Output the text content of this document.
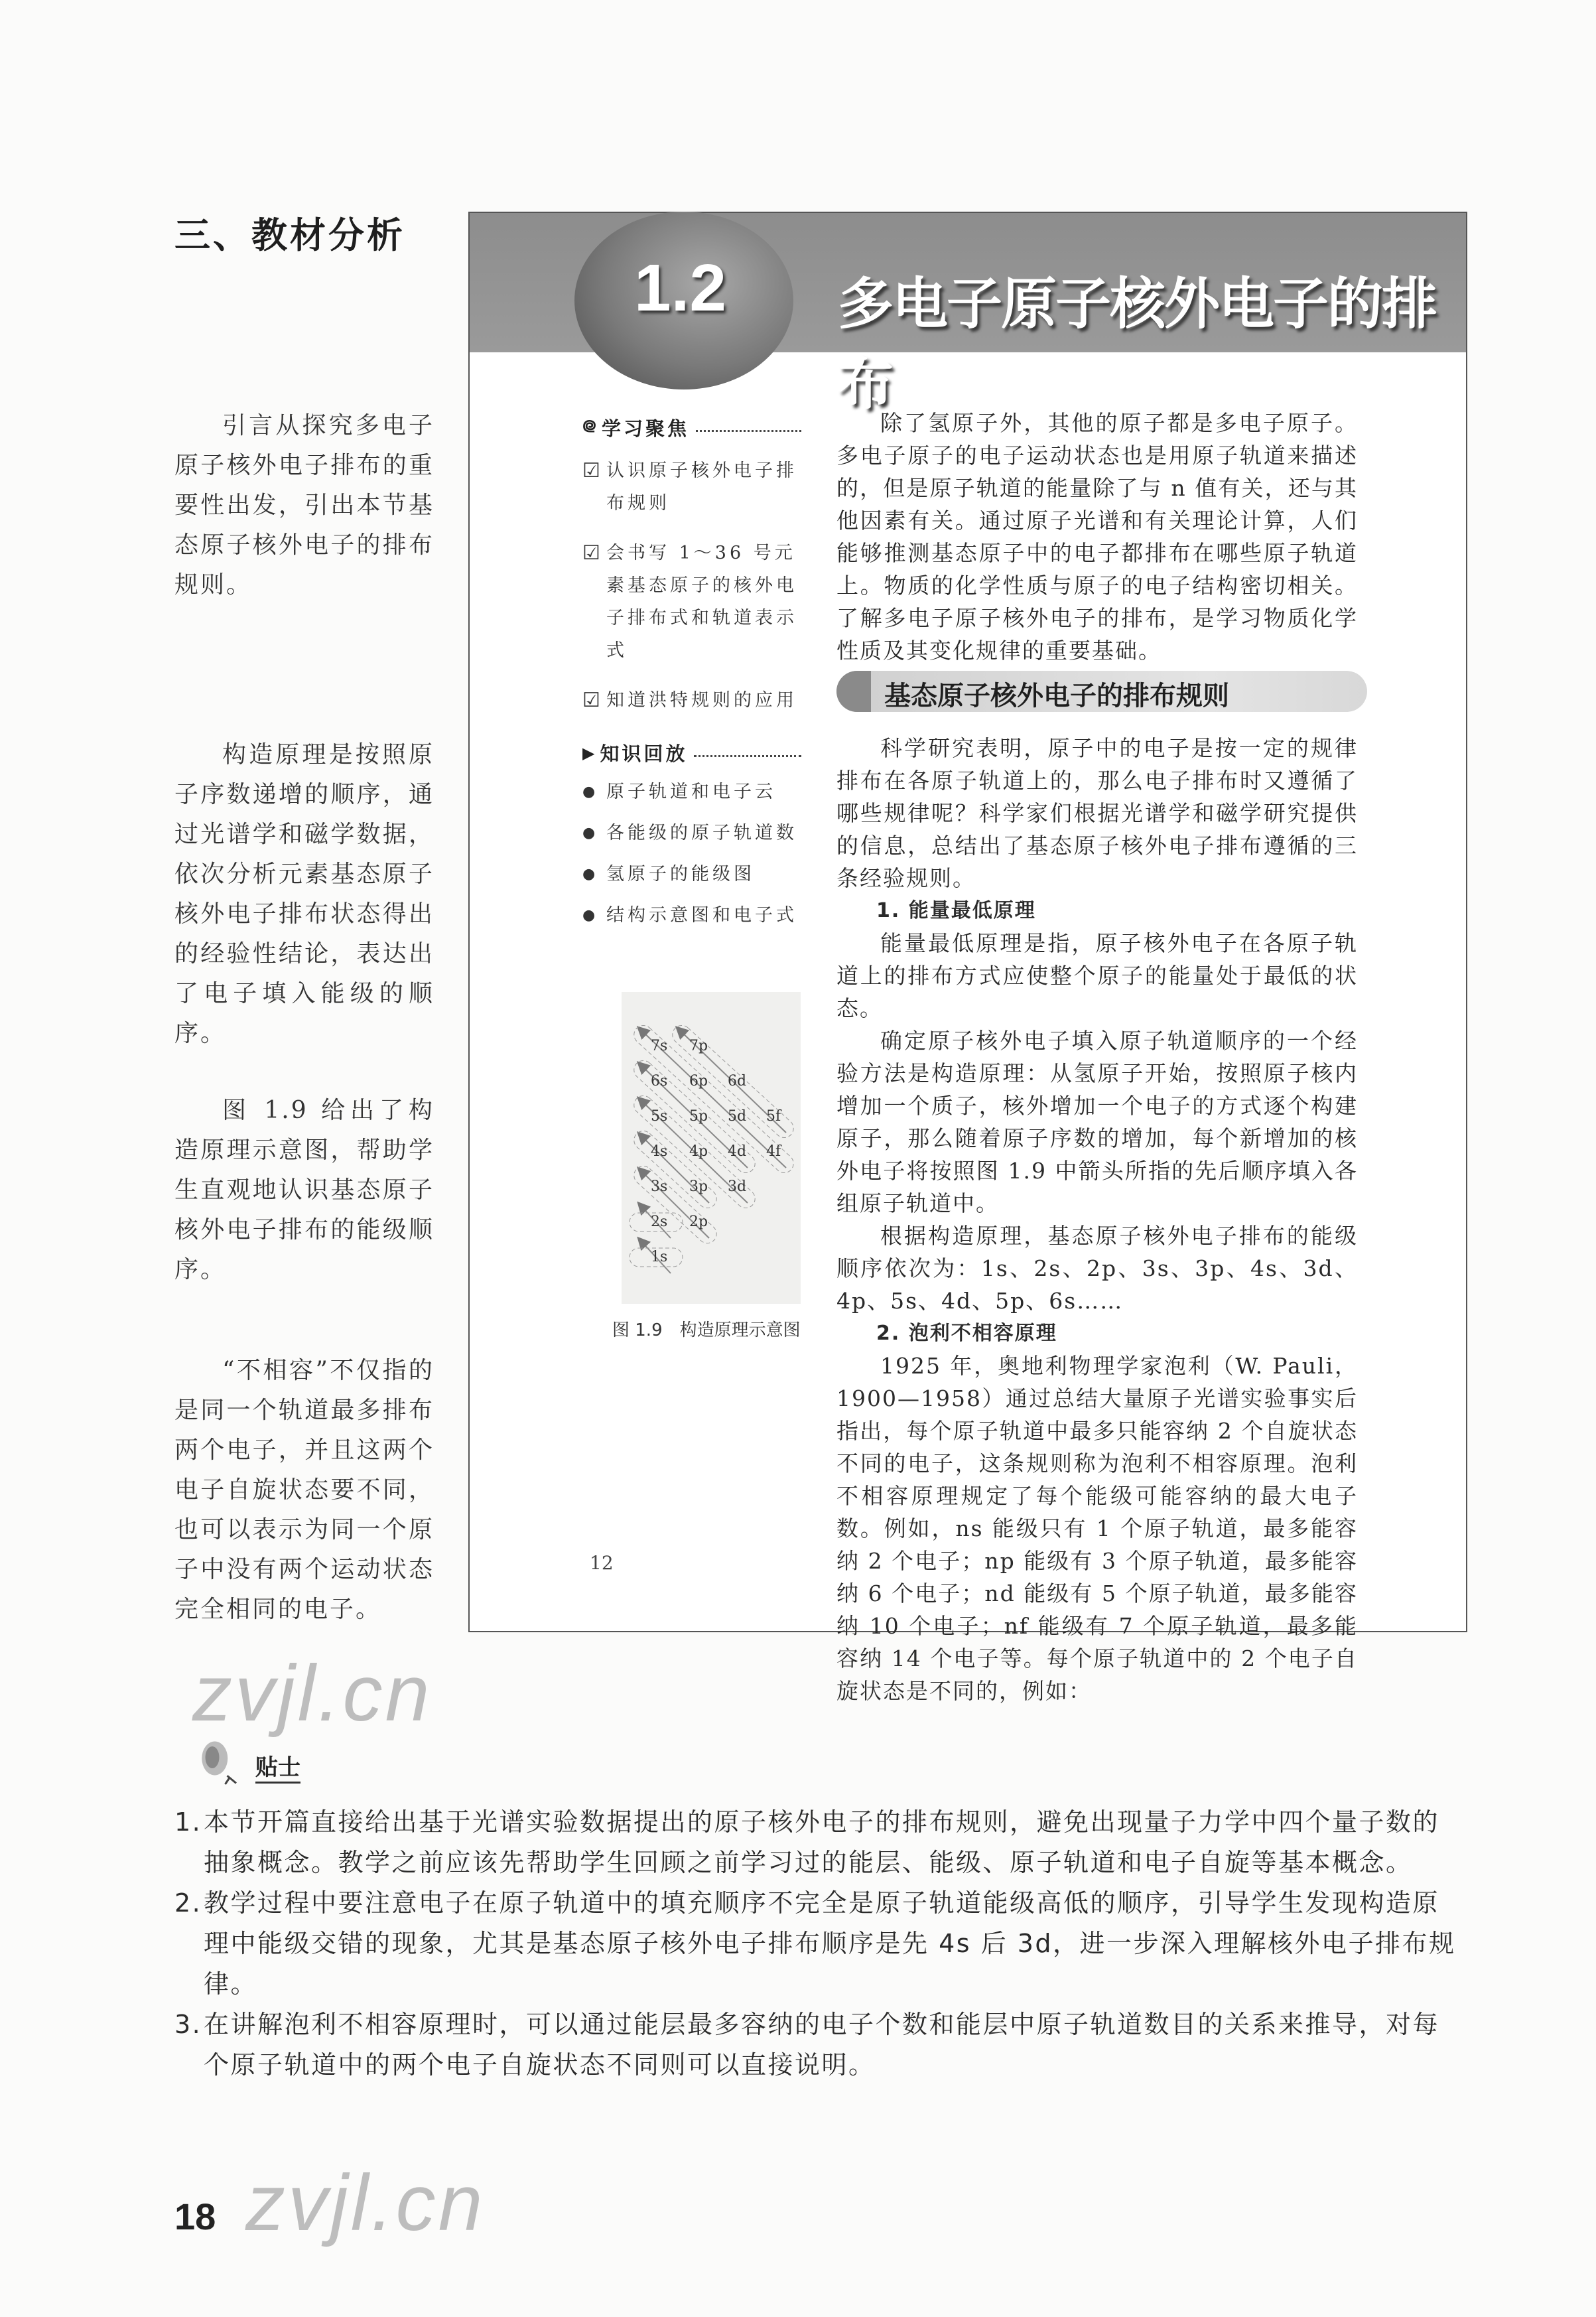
三、教材分析

引言从探究多电子原子核外电子排布的重要性出发，引出本节基态原子核外电子的排布规则。

构造原理是按照原子序数递增的顺序，通过光谱学和磁学数据，依次分析元素基态原子核外电子排布状态得出的经验性结论，表达出了电子填入能级的顺序。

图 1.9 给出了构造原理示意图，帮助学生直观地认识基态原子核外电子排布的能级顺序。

“不相容”不仅指的是同一个轨道最多排布两个电子，并且这两个电子自旋状态要不同，也可以表示为同一个原子中没有两个运动状态完全相同的电子。

1.2 多电子原子核外电子的排布
᪤ 学习聚焦
☑ 认识原子核外电子排布规则
☑ 会书写 1～36 号元素基态原子的核外电子排布式和轨道表示式
☑ 知道洪特规则的应用
▶ 知识回放
● 原子轨道和电子云
● 各能级的原子轨道数
● 氢原子的能级图
● 结构示意图和电子式

除了氢原子外，其他的原子都是多电子原子。多电子原子的电子运动状态也是用原子轨道来描述的，但是原子轨道的能量除了与 n 值有关，还与其他因素有关。通过原子光谱和有关理论计算，人们能够推测基态原子中的电子都排布在哪些原子轨道上。物质的化学性质与原子的电子结构密切相关。了解多电子原子核外电子的排布，是学习物质化学性质及其变化规律的重要基础。

基态原子核外电子的排布规则

科学研究表明，原子中的电子是按一定的规律排布在各原子轨道上的，那么电子排布时又遵循了哪些规律呢？科学家们根据光谱学和磁学研究提供的信息，总结出了基态原子核外电子排布遵循的三条经验规则。

1. 能量最低原理

能量最低原理是指，原子核外电子在各原子轨道上的排布方式应使整个原子的能量处于最低的状态。

确定原子核外电子填入原子轨道顺序的一个经验方法是构造原理：从氢原子开始，按照原子核内增加一个质子，核外增加一个电子的方式逐个构建原子，那么随着原子序数的增加，每个新增加的核外电子将按照图 1.9 中箭头所指的先后顺序填入各组原子轨道中。

根据构造原理，基态原子核外电子排布的能级顺序依次为：1s、2s、2p、3s、3p、4s、3d、4p、5s、4d、5p、6s……

2. 泡利不相容原理

1925 年，奥地利物理学家泡利（W. Pauli，1900—1958）通过总结大量原子光谱实验事实后指出，每个原子轨道中最多只能容纳 2 个自旋状态不同的电子，这条规则称为泡利不相容原理。泡利不相容原理规定了每个能级可能容纳的最大电子数。例如，ns 能级只有 1 个原子轨道，最多能容纳 2 个电子；np 能级有 3 个原子轨道，最多能容纳 6 个电子；nd 能级有 5 个原子轨道，最多能容纳 10 个电子；nf 能级有 7 个原子轨道，最多能容纳 14 个电子等。每个原子轨道中的 2 个电子自旋状态是不同的，例如：

7s 7p
6s 6p 6d
5s 5p 5d 5f
4s 4p 4d 4f
3s 3p 3d
2s 2p
1s
图 1.9　构造原理示意图
12
zvjl.cn
贴士
1. 本节开篇直接给出基于光谱实验数据提出的原子核外电子的排布规则，避免出现量子力学中四个量子数的抽象概念。教学之前应该先帮助学生回顾之前学习过的能层、能级、原子轨道和电子自旋等基本概念。
2. 教学过程中要注意电子在原子轨道中的填充顺序不完全是原子轨道能级高低的顺序，引导学生发现构造原理中能级交错的现象，尤其是基态原子核外电子排布顺序是先 4s 后 3d，进一步深入理解核外电子排布规律。
3. 在讲解泡利不相容原理时，可以通过能层最多容纳的电子个数和能层中原子轨道数目的关系来推导，对每个原子轨道中的两个电子自旋状态不同则可以直接说明。
18 zvjl.cn
